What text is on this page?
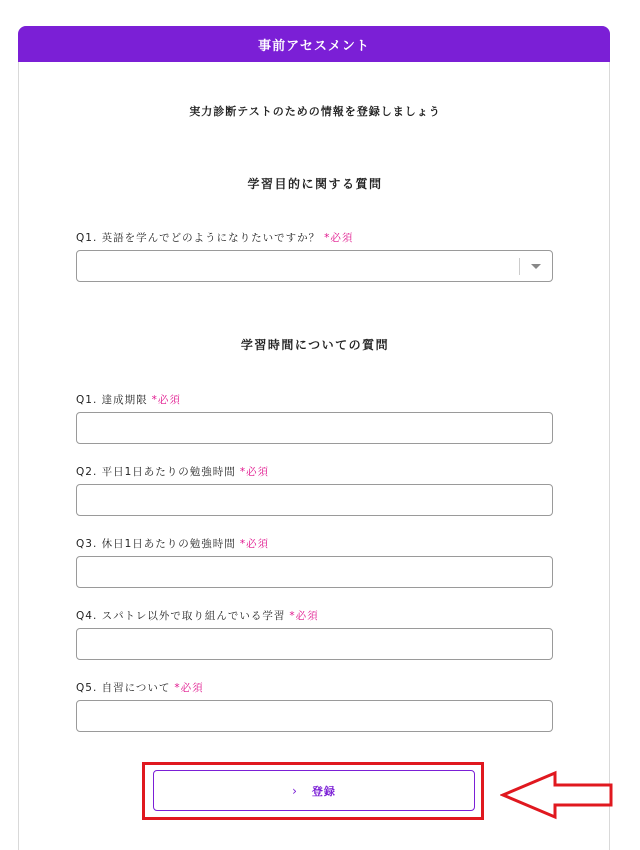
事前アセスメント
実力診断テストのための情報を登録しましょう
学習目的に関する質問
Q1. 英語を学んでどのようになりたいですか？ *必須
学習時間についての質問
Q1. 達成期限 *必須
Q2. 平日1日あたりの勉強時間 *必須
Q3. 休日1日あたりの勉強時間 *必須
Q4. スパトレ以外で取り組んでいる学習 *必須
Q5. 自習について *必須
› 登録
